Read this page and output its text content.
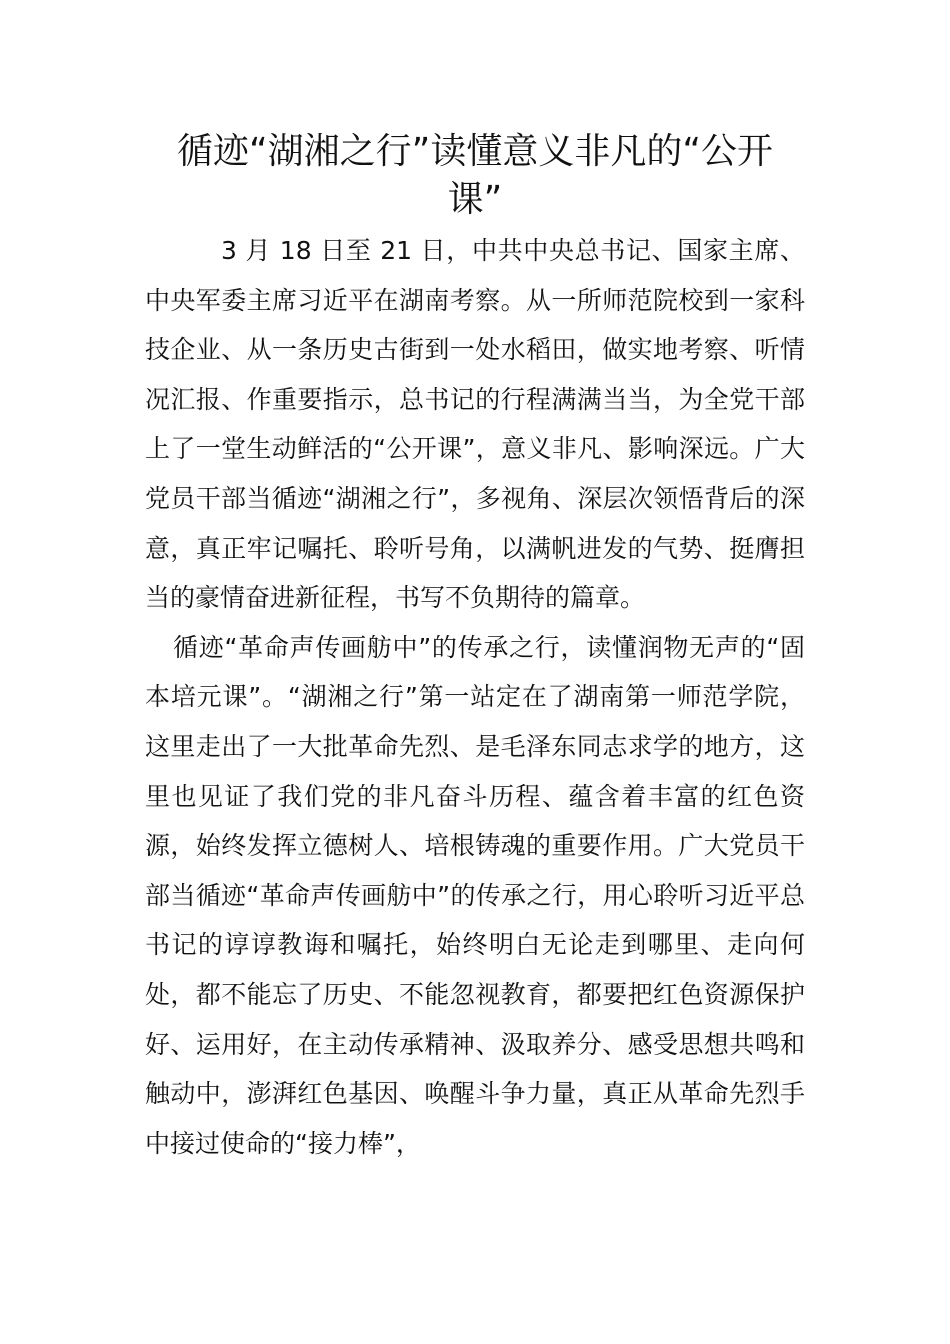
循迹“湖湘之行”读懂意义非凡的“公开课”

3 月 18 日至 21 日，中共中央总书记、国家主席、中央军委主席习近平在湖南考察。从一所师范院校到一家科技企业、从一条历史古街到一处水稻田，做实地考察、听情况汇报、作重要指示，总书记的行程满满当当，为全党干部上了一堂生动鲜活的“公开课”，意义非凡、影响深远。广大党员干部当循迹“湖湘之行”，多视角、深层次领悟背后的深意，真正牢记嘱托、聆听号角，以满帆进发的气势、挺膺担当的豪情奋进新征程，书写不负期待的篇章。

循迹“革命声传画舫中”的传承之行，读懂润物无声的“固本培元课”。“湖湘之行”第一站定在了湖南第一师范学院，这里走出了一大批革命先烈、是毛泽东同志求学的地方，这里也见证了我们党的非凡奋斗历程、蕴含着丰富的红色资源，始终发挥立德树人、培根铸魂的重要作用。广大党员干部当循迹“革命声传画舫中”的传承之行，用心聆听习近平总书记的谆谆教诲和嘱托，始终明白无论走到哪里、走向何处，都不能忘了历史、不能忽视教育，都要把红色资源保护好、运用好，在主动传承精神、汲取养分、感受思想共鸣和触动中，澎湃红色基因、唤醒斗争力量，真正从革命先烈手中接过使命的“接力棒”，
